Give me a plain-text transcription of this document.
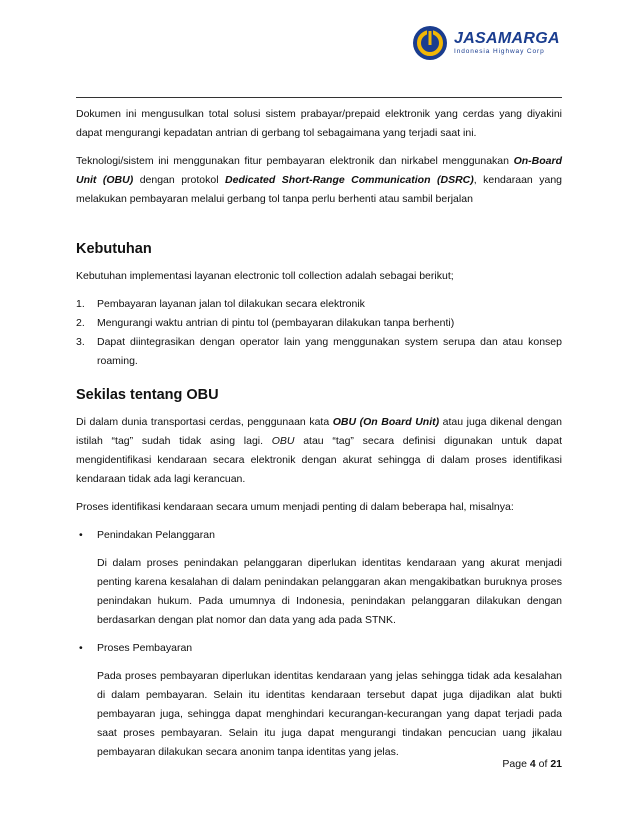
JASAMARGA
Indonesia Highway Corp

Dokumen ini mengusulkan total solusi sistem prabayar/prepaid elektronik yang cerdas yang diyakini dapat mengurangi kepadatan antrian di gerbang tol sebagaimana yang terjadi saat ini.

Teknologi/sistem ini menggunakan fitur pembayaran elektronik dan nirkabel menggunakan On-Board Unit (OBU) dengan protokol Dedicated Short-Range Communication (DSRC), kendaraan yang melakukan pembayaran melalui gerbang tol tanpa perlu berhenti atau sambil berjalan

Kebutuhan

Kebutuhan implementasi layanan electronic toll collection adalah sebagai berikut;

1. Pembayaran layanan jalan tol dilakukan secara elektronik
2. Mengurangi waktu antrian di pintu tol (pembayaran dilakukan tanpa berhenti)
3. Dapat diintegrasikan dengan operator lain yang menggunakan system serupa dan atau konsep roaming.
Sekilas tentang OBU

Di dalam dunia transportasi cerdas, penggunaan kata OBU (On Board Unit) atau juga dikenal dengan istilah “tag” sudah tidak asing lagi. OBU atau “tag” secara definisi digunakan untuk dapat mengidentifikasi kendaraan secara elektronik dengan akurat sehingga di dalam proses identifikasi kendaraan tidak ada lagi kerancuan.

Proses identifikasi kendaraan secara umum menjadi penting di dalam beberapa hal, misalnya:

• Penindakan Pelanggaran

Di dalam proses penindakan pelanggaran diperlukan identitas kendaraan yang akurat menjadi penting karena kesalahan di dalam penindakan pelanggaran akan mengakibatkan buruknya proses penindakan hukum. Pada umumnya di Indonesia, penindakan pelanggaran dilakukan dengan berdasarkan dengan plat nomor dan data yang ada pada STNK.

• Proses Pembayaran

Pada proses pembayaran diperlukan identitas kendaraan yang jelas sehingga tidak ada kesalahan di dalam pembayaran. Selain itu identitas kendaraan tersebut dapat juga dijadikan alat bukti pembayaran juga, sehingga dapat menghindari kecurangan-kecurangan yang dapat terjadi pada saat proses pembayaran. Selain itu juga dapat mengurangi tindakan pencucian uang jikalau pembayaran dilakukan secara anonim tanpa identitas yang jelas.

Page 4 of 21
